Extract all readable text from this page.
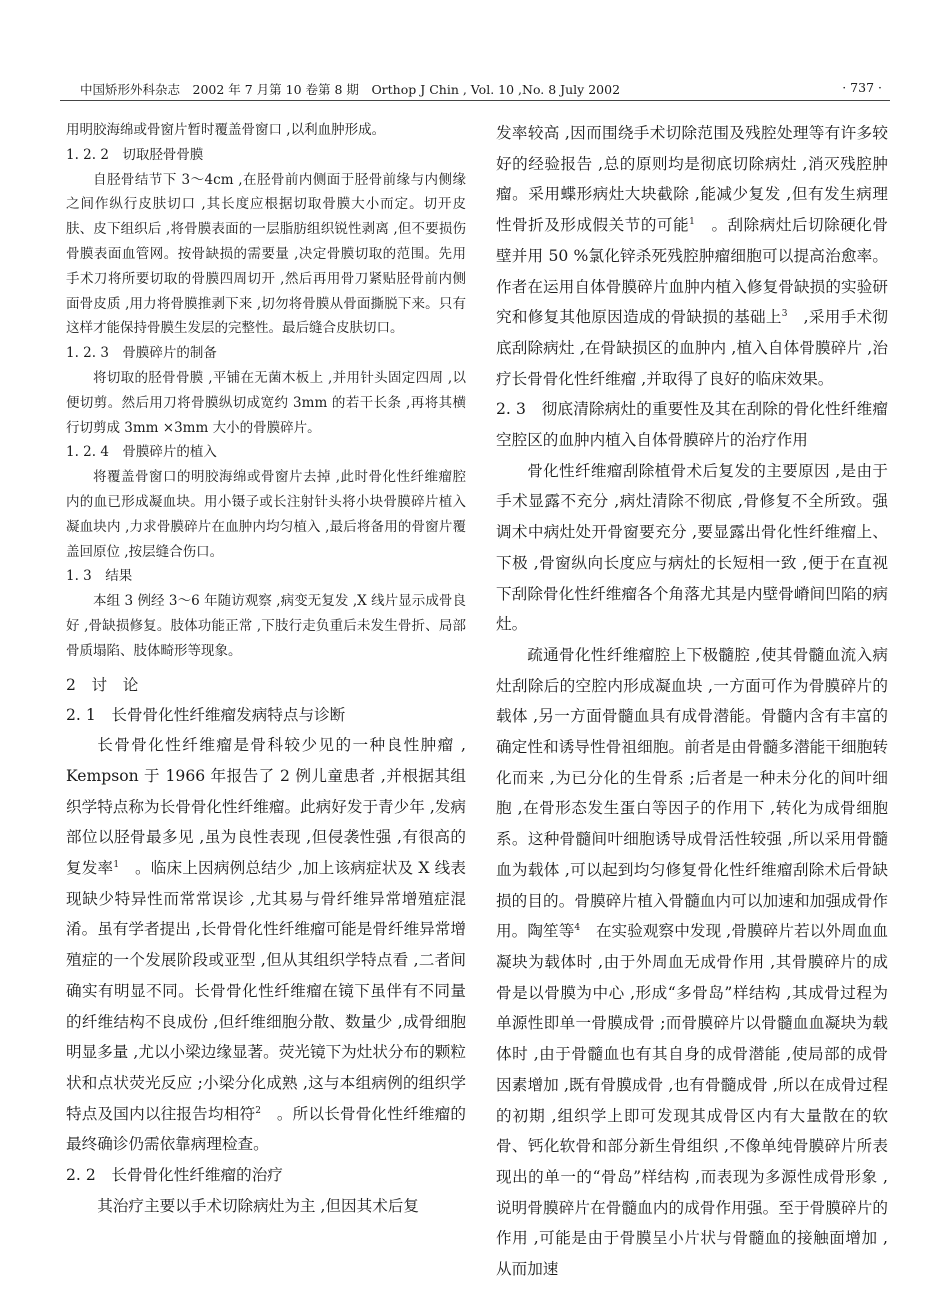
中国矫形外科杂志　2002 年 7 月第 10 卷第 8 期　Orthop J Chin , Vol. 10 ,No. 8 July 2002	· 737 ·

用明胶海绵或骨窗片暂时覆盖骨窗口 ,以利血肿形成。

1. 2. 2　切取胫骨骨膜

自胫骨结节下 3～4cm ,在胫骨前内侧面于胫骨前缘与内侧缘之间作纵行皮肤切口 ,其长度应根据切取骨膜大小而定。切开皮肤、皮下组织后 ,将骨膜表面的一层脂肪组织锐性剥离 ,但不要损伤骨膜表面血管网。按骨缺损的需要量 ,决定骨膜切取的范围。先用手术刀将所要切取的骨膜四周切开 ,然后再用骨刀紧贴胫骨前内侧面骨皮质 ,用力将骨膜推剥下来 ,切勿将骨膜从骨面撕脱下来。只有这样才能保持骨膜生发层的完整性。最后缝合皮肤切口。

1. 2. 3　骨膜碎片的制备

将切取的胫骨骨膜 ,平铺在无菌木板上 ,并用针头固定四周 ,以便切剪。然后用刀将骨膜纵切成宽约 3mm 的若干长条 ,再将其横行切剪成 3mm ×3mm 大小的骨膜碎片。

1. 2. 4　骨膜碎片的植入

将覆盖骨窗口的明胶海绵或骨窗片去掉 ,此时骨化性纤维瘤腔内的血已形成凝血块。用小镊子或长注射针头将小块骨膜碎片植入凝血块内 ,力求骨膜碎片在血肿内均匀植入 ,最后将备用的骨窗片覆盖回原位 ,按层缝合伤口。

1. 3　结果

本组 3 例经 3～6 年随访观察 ,病变无复发 ,X 线片显示成骨良好 ,骨缺损修复。肢体功能正常 ,下肢行走负重后未发生骨折、局部骨质塌陷、肢体畸形等现象。

2　讨　论
2. 1　长骨骨化性纤维瘤发病特点与诊断

长骨骨化性纤维瘤是骨科较少见的一种良性肿瘤 , Kempson 于 1966 年报告了 2 例儿童患者 ,并根据其组织学特点称为长骨骨化性纤维瘤。此病好发于青少年 ,发病部位以胫骨最多见 ,虽为良性表现 ,但侵袭性强 ,有很高的复发率$^1$　。临床上因病例总结少 ,加上该病症状及 X 线表现缺少特异性而常常误诊 ,尤其易与骨纤维异常增殖症混淆。虽有学者提出 ,长骨骨化性纤维瘤可能是骨纤维异常增殖症的一个发展阶段或亚型 ,但从其组织学特点看 ,二者间确实有明显不同。长骨骨化性纤维瘤在镜下虽伴有不同量的纤维结构不良成份 ,但纤维细胞分散、数量少 ,成骨细胞明显多量 ,尤以小梁边缘显著。荧光镜下为灶状分布的颗粒状和点状荧光反应 ;小梁分化成熟 ,这与本组病例的组织学特点及国内以往报告均相符$^2$　。所以长骨骨化性纤维瘤的最终确诊仍需依靠病理检查。

2. 2　长骨骨化性纤维瘤的治疗

其治疗主要以手术切除病灶为主 ,但因其术后复

发率较高 ,因而围绕手术切除范围及残腔处理等有许多较好的经验报告 ,总的原则均是彻底切除病灶 ,消灭残腔肿瘤。采用蝶形病灶大块截除 ,能减少复发 ,但有发生病理性骨折及形成假关节的可能$^1$　。刮除病灶后切除硬化骨壁并用 50 %氯化锌杀死残腔肿瘤细胞可以提高治愈率。作者在运用自体骨膜碎片血肿内植入修复骨缺损的实验研究和修复其他原因造成的骨缺损的基础上$^3$　,采用手术彻底刮除病灶 ,在骨缺损区的血肿内 ,植入自体骨膜碎片 ,治疗长骨骨化性纤维瘤 ,并取得了良好的临床效果。

2. 3　彻底清除病灶的重要性及其在刮除的骨化性纤维瘤空腔区的血肿内植入自体骨膜碎片的治疗作用

骨化性纤维瘤刮除植骨术后复发的主要原因 ,是由于手术显露不充分 ,病灶清除不彻底 ,骨修复不全所致。强调术中病灶处开骨窗要充分 ,要显露出骨化性纤维瘤上、下极 ,骨窗纵向长度应与病灶的长短相一致 ,便于在直视下刮除骨化性纤维瘤各个角落尤其是内壁骨嵴间凹陷的病灶。

疏通骨化性纤维瘤腔上下极髓腔 ,使其骨髓血流入病灶刮除后的空腔内形成凝血块 ,一方面可作为骨膜碎片的载体 ,另一方面骨髓血具有成骨潜能。骨髓内含有丰富的确定性和诱导性骨祖细胞。前者是由骨髓多潜能干细胞转化而来 ,为已分化的生骨系 ;后者是一种未分化的间叶细胞 ,在骨形态发生蛋白等因子的作用下 ,转化为成骨细胞系。这种骨髓间叶细胞诱导成骨活性较强 ,所以采用骨髓血为载体 ,可以起到均匀修复骨化性纤维瘤刮除术后骨缺损的目的。骨膜碎片植入骨髓血内可以加速和加强成骨作用。陶笙等$^4$　在实验观察中发现 ,骨膜碎片若以外周血血凝块为载体时 ,由于外周血无成骨作用 ,其骨膜碎片的成骨是以骨膜为中心 ,形成“多骨岛”样结构 ,其成骨过程为单源性即单一骨膜成骨 ;而骨膜碎片以骨髓血血凝块为载体时 ,由于骨髓血也有其自身的成骨潜能 ,使局部的成骨因素增加 ,既有骨膜成骨 ,也有骨髓成骨 ,所以在成骨过程的初期 ,组织学上即可发现其成骨区内有大量散在的软骨、钙化软骨和部分新生骨组织 ,不像单纯骨膜碎片所表现出的单一的“骨岛”样结构 ,而表现为多源性成骨形象 ,说明骨膜碎片在骨髓血内的成骨作用强。至于骨膜碎片的作用 ,可能是由于骨膜呈小片状与骨髓血的接触面增加 ,从而加速
